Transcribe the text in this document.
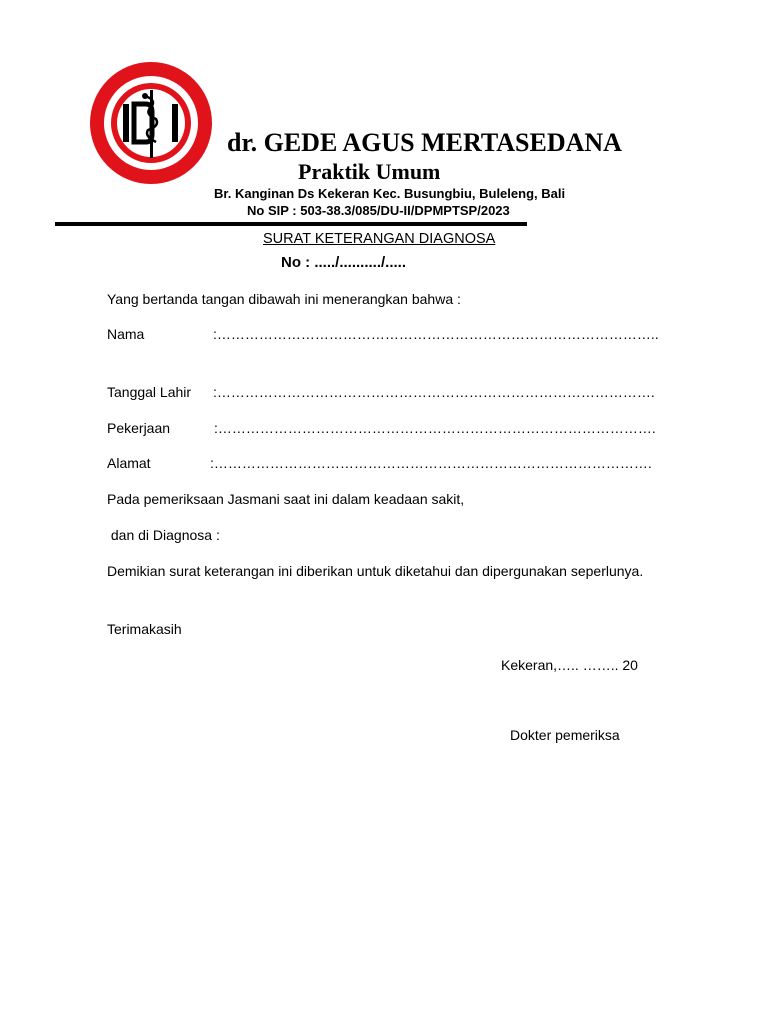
dr. GEDE AGUS MERTASEDANA
Praktik Umum
Br. Kanginan Ds Kekeran Kec. Busungbiu, Buleleng, Bali
No SIP : 503-38.3/085/DU-II/DPMPTSP/2023
SURAT KETERANGAN DIAGNOSA
No : ...../........../.....
Yang bertanda tangan dibawah ini menerangkan bahwa :
Nama	:…………………………………………………………………………………..
Tanggal Lahir :………………………………………………………………………………….
Pekerjaan	:………………………………………………………………………………….
Alamat	:………………………………………………………………………………….
Pada pemeriksaan Jasmani saat ini dalam keadaan sakit,
dan di Diagnosa :
Demikian surat keterangan ini diberikan untuk diketahui dan dipergunakan seperlunya.
Terimakasih
Kekeran,….. …….. 20
Dokter pemeriksa
